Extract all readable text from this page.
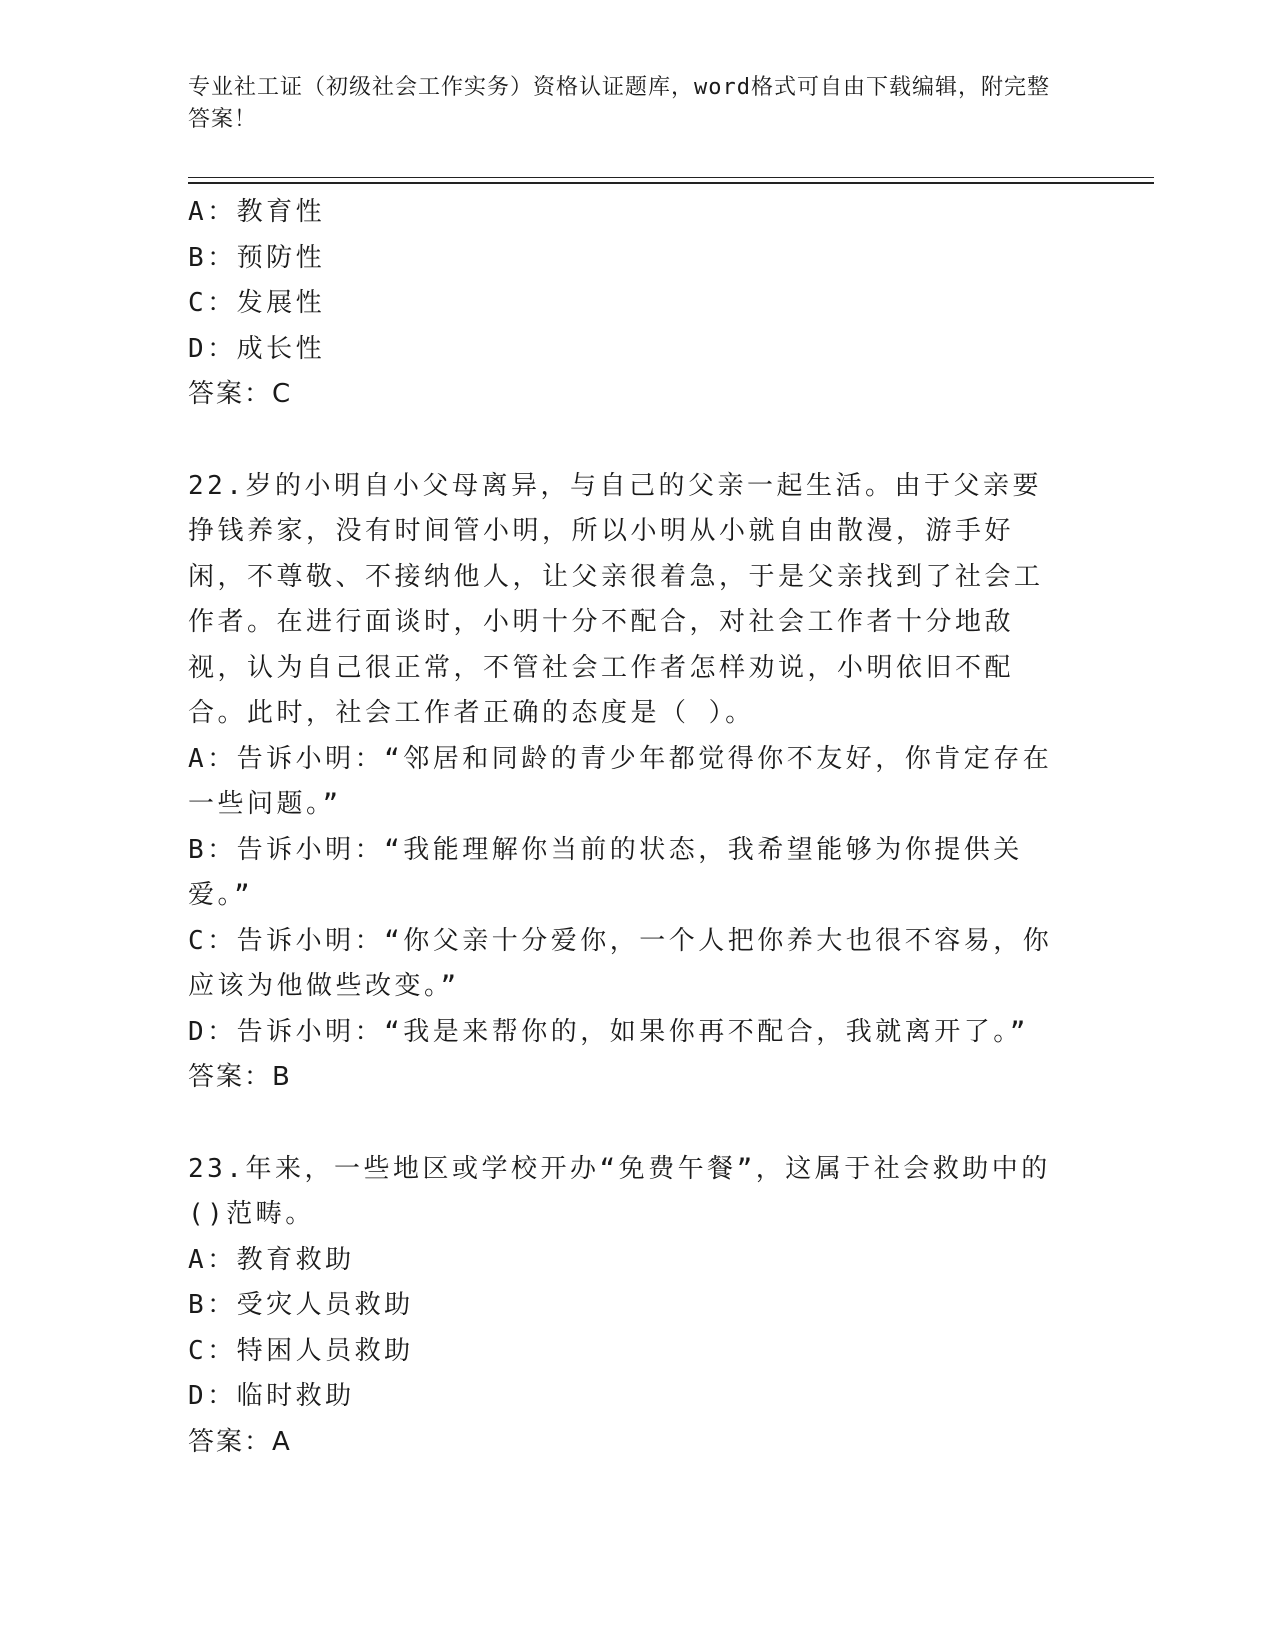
专业社工证（初级社会工作实务）资格认证题库，word格式可自由下载编辑，附完整答案！
A：教育性
B：预防性
C：发展性
D：成长性
答案：C
22.岁的小明自小父母离异，与自己的父亲一起生活。由于父亲要挣钱养家，没有时间管小明，所以小明从小就自由散漫，游手好闲，不尊敬、不接纳他人，让父亲很着急，于是父亲找到了社会工作者。在进行面谈时，小明十分不配合，对社会工作者十分地敌视，认为自己很正常，不管社会工作者怎样劝说，小明依旧不配合。此时，社会工作者正确的态度是（ ）。
A：告诉小明：“邻居和同龄的青少年都觉得你不友好，你肯定存在一些问题。”
B：告诉小明：“我能理解你当前的状态，我希望能够为你提供关爱。”
C：告诉小明：“你父亲十分爱你，一个人把你养大也很不容易，你应该为他做些改变。”
D：告诉小明：“我是来帮你的，如果你再不配合，我就离开了。”
答案：B
23.年来，一些地区或学校开办“免费午餐”，这属于社会救助中的()范畴。
A：教育救助
B：受灾人员救助
C：特困人员救助
D：临时救助
答案：A
